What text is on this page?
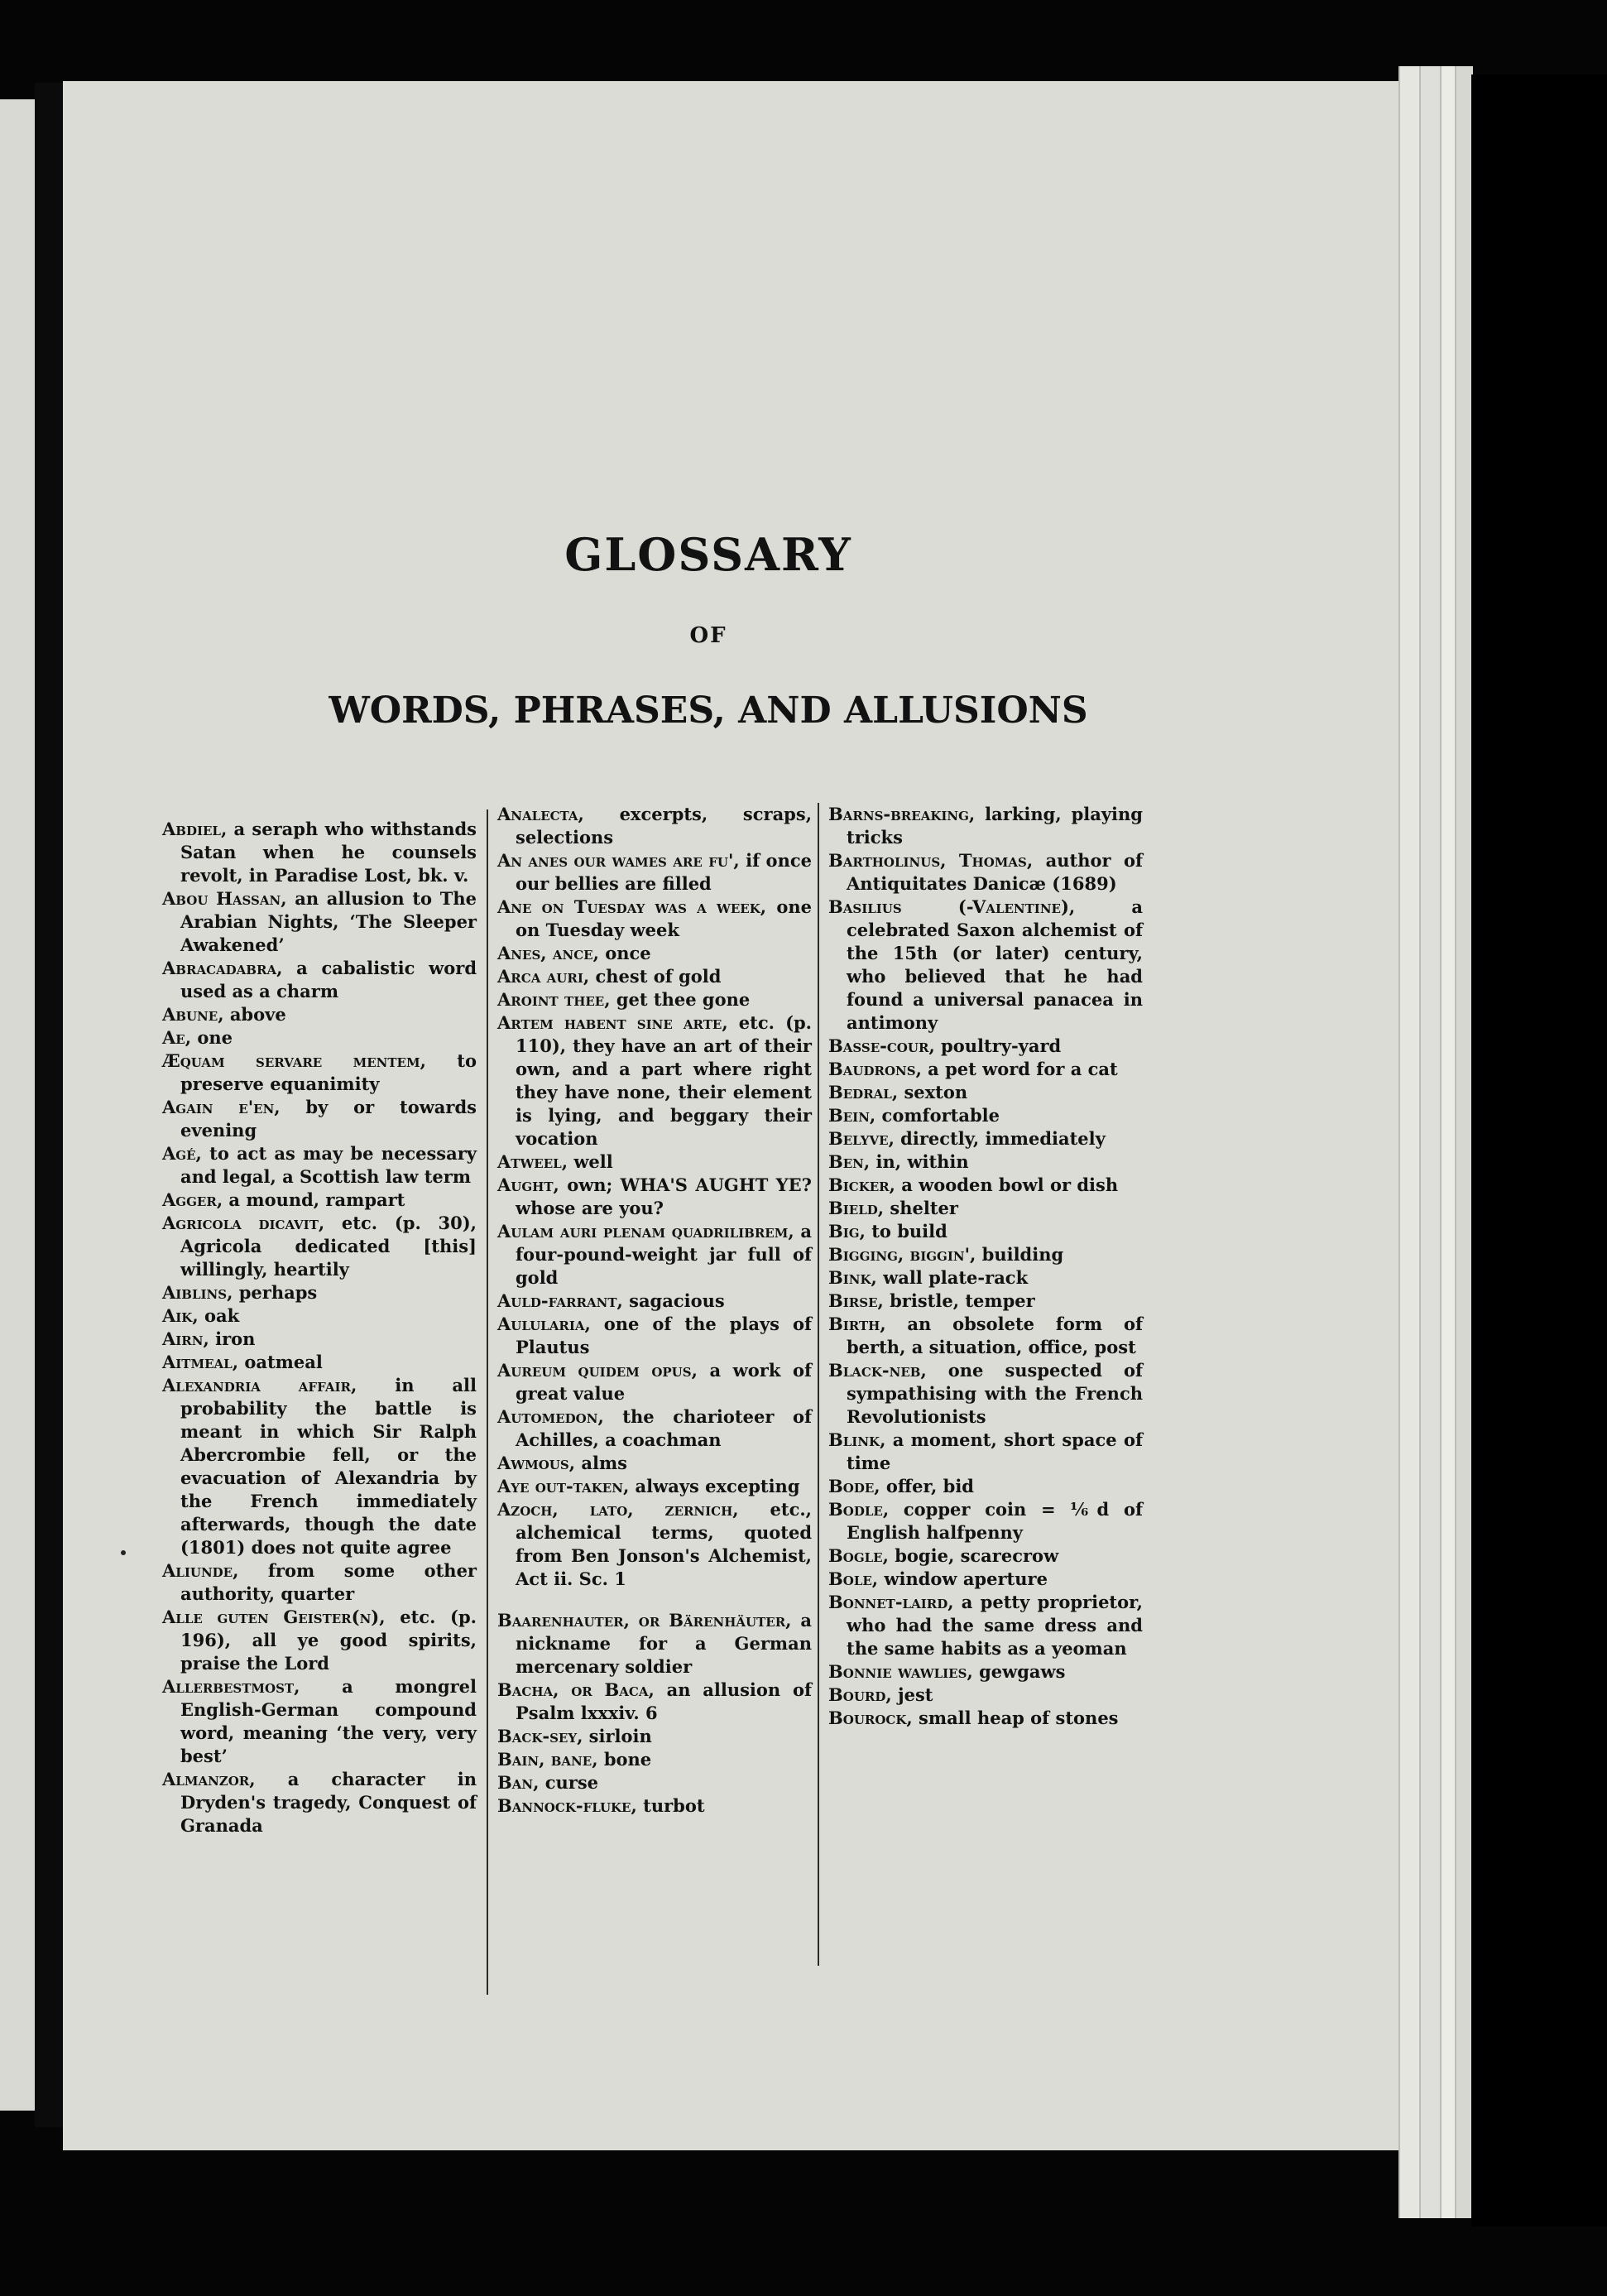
GLOSSARY
OF
WORDS, PHRASES, AND ALLUSIONS
Abdiel, a seraph who withstands Satan when he counsels revolt, in Paradise Lost, bk. v.
Abou Hassan, an allusion to The Arabian Nights, ‘The Sleeper Awakened’
Abracadabra, a cabalistic word used as a charm
Abune, above
Ae, one
Æquam servare mentem, to preserve equanimity
Again e'en, by or towards evening
Agé, to act as may be necessary and legal, a Scottish law term
Agger, a mound, rampart
Agricola dicavit, etc. (p. 30), Agricola dedicated [this] willingly, heartily
Aiblins, perhaps
Aik, oak
Airn, iron
Aitmeal, oatmeal
Alexandria affair, in all probability the battle is meant in which Sir Ralph Abercrombie fell, or the evacuation of Alexandria by the French immediately afterwards, though the date (1801) does not quite agree
Aliunde, from some other authority, quarter
Alle guten Geister(n), etc. (p. 196), all ye good spirits, praise the Lord
Allerbestmost, a mongrel English-German compound word, meaning ‘the very, very best’
Almanzor, a character in Dryden's tragedy, Conquest of Granada
Analecta, excerpts, scraps, selections
An anes our wames are fu', if once our bellies are filled
Ane on Tuesday was a week, one on Tuesday week
Anes, ance, once
Arca auri, chest of gold
Aroint thee, get thee gone
Artem habent sine arte, etc. (p. 110), they have an art of their own, and a part where right they have none, their element is lying, and beggary their vocation
Atweel, well
Aught, own; WHA'S AUGHT YE? whose are you?
Aulam auri plenam quadrilibrem, a four-pound-weight jar full of gold
Auld-farrant, sagacious
Aulularia, one of the plays of Plautus
Aureum quidem opus, a work of great value
Automedon, the charioteer of Achilles, a coachman
Awmous, alms
Aye out-taken, always excepting
Azoch, lato, zernich, etc., alchemical terms, quoted from Ben Jonson's Alchemist, Act ii. Sc. 1
Baarenhauter, or Bärenhäuter, a nickname for a German mercenary soldier
Bacha, or Baca, an allusion of Psalm lxxxiv. 6
Back-sey, sirloin
Bain, bane, bone
Ban, curse
Bannock-fluke, turbot
Barns-breaking, larking, playing tricks
Bartholinus, Thomas, author of Antiquitates Danicæ (1689)
Basilius (-Valentine), a celebrated Saxon alchemist of the 15th (or later) century, who believed that he had found a universal panacea in antimony
Basse-cour, poultry-yard
Baudrons, a pet word for a cat
Bedral, sexton
Bein, comfortable
Belyve, directly, immediately
Ben, in, within
Bicker, a wooden bowl or dish
Bield, shelter
Big, to build
Bigging, biggin', building
Bink, wall plate-rack
Birse, bristle, temper
Birth, an obsolete form of berth, a situation, office, post
Black-neb, one suspected of sympathising with the French Revolutionists
Blink, a moment, short space of time
Bode, offer, bid
Bodle, copper coin = ⅙d of English halfpenny
Bogle, bogie, scarecrow
Bole, window aperture
Bonnet-laird, a petty proprietor, who had the same dress and the same habits as a yeoman
Bonnie wawlies, gewgaws
Bourd, jest
Bourock, small heap of stones
